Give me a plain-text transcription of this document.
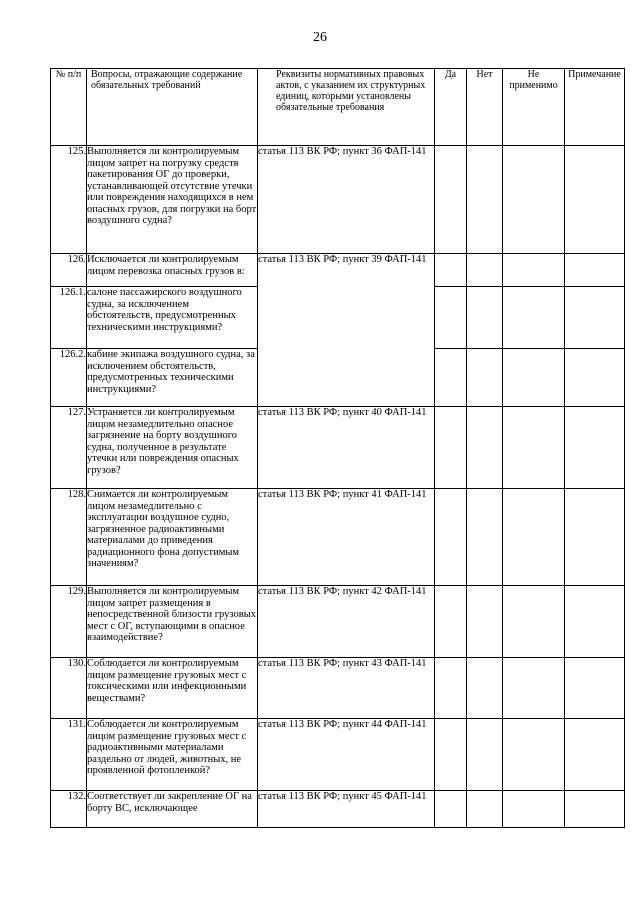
26
№ п/п	Вопросы, отражающие содержание обязательных требований	Реквизиты нормативных правовых актов, с указанием их структурных единиц, которыми установлены обязательные требования	Да	Нет	Не применимо	Примечание
125.	Выполняется ли контролируемым лицом запрет на погрузку средств пакетирования ОГ до проверки, устанавливающей отсутствие утечки или повреждения находящихся в нем опасных грузов, для погрузки на борт воздушного судна?	статья 113 ВК РФ; пункт 36 ФАП-141				
126.	Исключается ли контролируемым лицом перевозка опасных грузов в:	статья 113 ВК РФ; пункт 39 ФАП-141				
126.1.	салоне пассажирского воздушного судна, за исключением обстоятельств, предусмотренных техническими инструкциями?					
126.2.	кабине экипажа воздушного судна, за исключением обстоятельств, предусмотренных техническими инструкциями?					
127.	Устраняется ли контролируемым лицом незамедлительно опасное загрязнение на борту воздушного судна, полученное в результате утечки или повреждения опасных грузов?	статья 113 ВК РФ; пункт 40 ФАП-141				
128.	Снимается ли контролируемым лицом незамедлительно с эксплуатации воздушное судно, загрязненное радиоактивными материалами до приведения радиационного фона допустимым значениям?	статья 113 ВК РФ; пункт 41 ФАП-141				
129.	Выполняется ли контролируемым лицом запрет размещения в непосредственной близости грузовых мест с ОГ, вступающими в опасное взаимодействие?	статья 113 ВК РФ; пункт 42 ФАП-141				
130.	Соблюдается ли контролируемым лицом размещение грузовых мест с токсическими или инфекционными веществами?	статья 113 ВК РФ; пункт 43 ФАП-141				
131.	Соблюдается ли контролируемым лицом размещение грузовых мест с радиоактивными материалами раздельно от людей, животных, не проявленной фотопленкой?	статья 113 ВК РФ; пункт 44 ФАП-141				
132.	Соответствует ли закрепление ОГ на борту ВС, исключающее	статья 113 ВК РФ; пункт 45 ФАП-141				
